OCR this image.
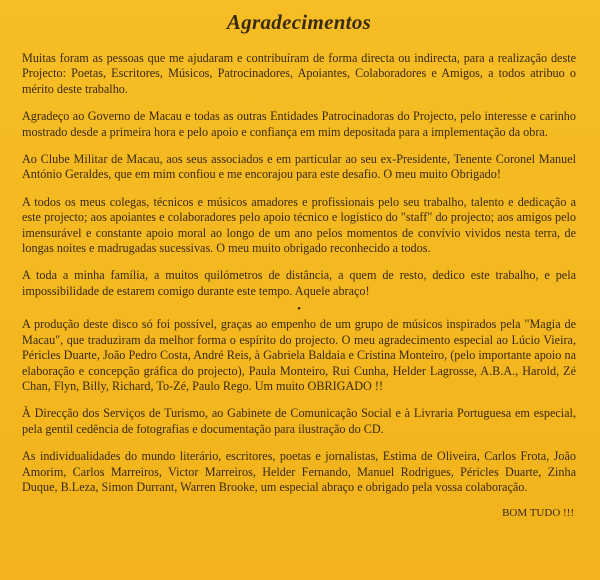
Agradecimentos

Muitas foram as pessoas que me ajudaram e contribuíram de forma directa ou indirecta, para a realização deste Projecto: Poetas, Escritores, Músicos, Patrocinadores, Apoiantes, Colaboradores e Amigos, a todos atribuo o mérito deste trabalho.

Agradeço ao Governo de Macau e todas as outras Entidades Patrocinadoras do Projecto, pelo interesse e carinho mostrado desde a primeira hora e pelo apoio e confiança em mim depositada para a implementação da obra.

Ao Clube Militar de Macau, aos seus associados e em particular ao seu ex-Presidente, Tenente Coronel Manuel António Geraldes, que em mim confiou e me encorajou para este desafio. O meu muito Obrigado!

A todos os meus colegas, técnicos e músicos amadores e profissionais pelo seu trabalho, talento e dedicação a este projecto; aos apoiantes e colaboradores pelo apoio técnico e logístico do "staff" do projecto; aos amigos pelo imensurável e constante apoio moral ao longo de um ano pelos momentos de convívio vividos nesta terra, de longas noites e madrugadas sucessivas. O meu muito obrigado reconhecido a todos.

A toda a minha família, a muitos quilómetros de distância, a quem de resto, dedico este trabalho, e pela impossibilidade de estarem comigo durante este tempo. Aquele abraço!

•

A produção deste disco só foi possível, graças ao empenho de um grupo de músicos inspirados pela "Magia de Macau", que traduziram da melhor forma o espírito do projecto. O meu agradecimento especial ao Lúcio Vieira, Péricles Duarte, João Pedro Costa, André Reis, à Gabriela Baldaia e Cristina Monteiro, (pelo importante apoio na elaboração e concepção gráfica do projecto), Paula Monteiro, Rui Cunha, Helder Lagrosse, A.B.A., Harold, Zé Chan, Flyn, Billy, Richard, To-Zé, Paulo Rego. Um muito OBRIGADO !!

À Direcção dos Serviços de Turismo, ao Gabinete de Comunicação Social e à Livraria Portuguesa em especial, pela gentil cedência de fotografias e documentação para ilustração do CD.

As individualidades do mundo literário, escritores, poetas e jornalistas, Estima de Oliveira, Carlos Frota, João Amorim, Carlos Marreiros, Victor Marreiros, Helder Fernando, Manuel Rodrigues, Péricles Duarte, Zinha Duque, B.Leza, Simon Durrant, Warren Brooke, um especial abraço e obrigado pela vossa colaboração.

BOM TUDO !!!
